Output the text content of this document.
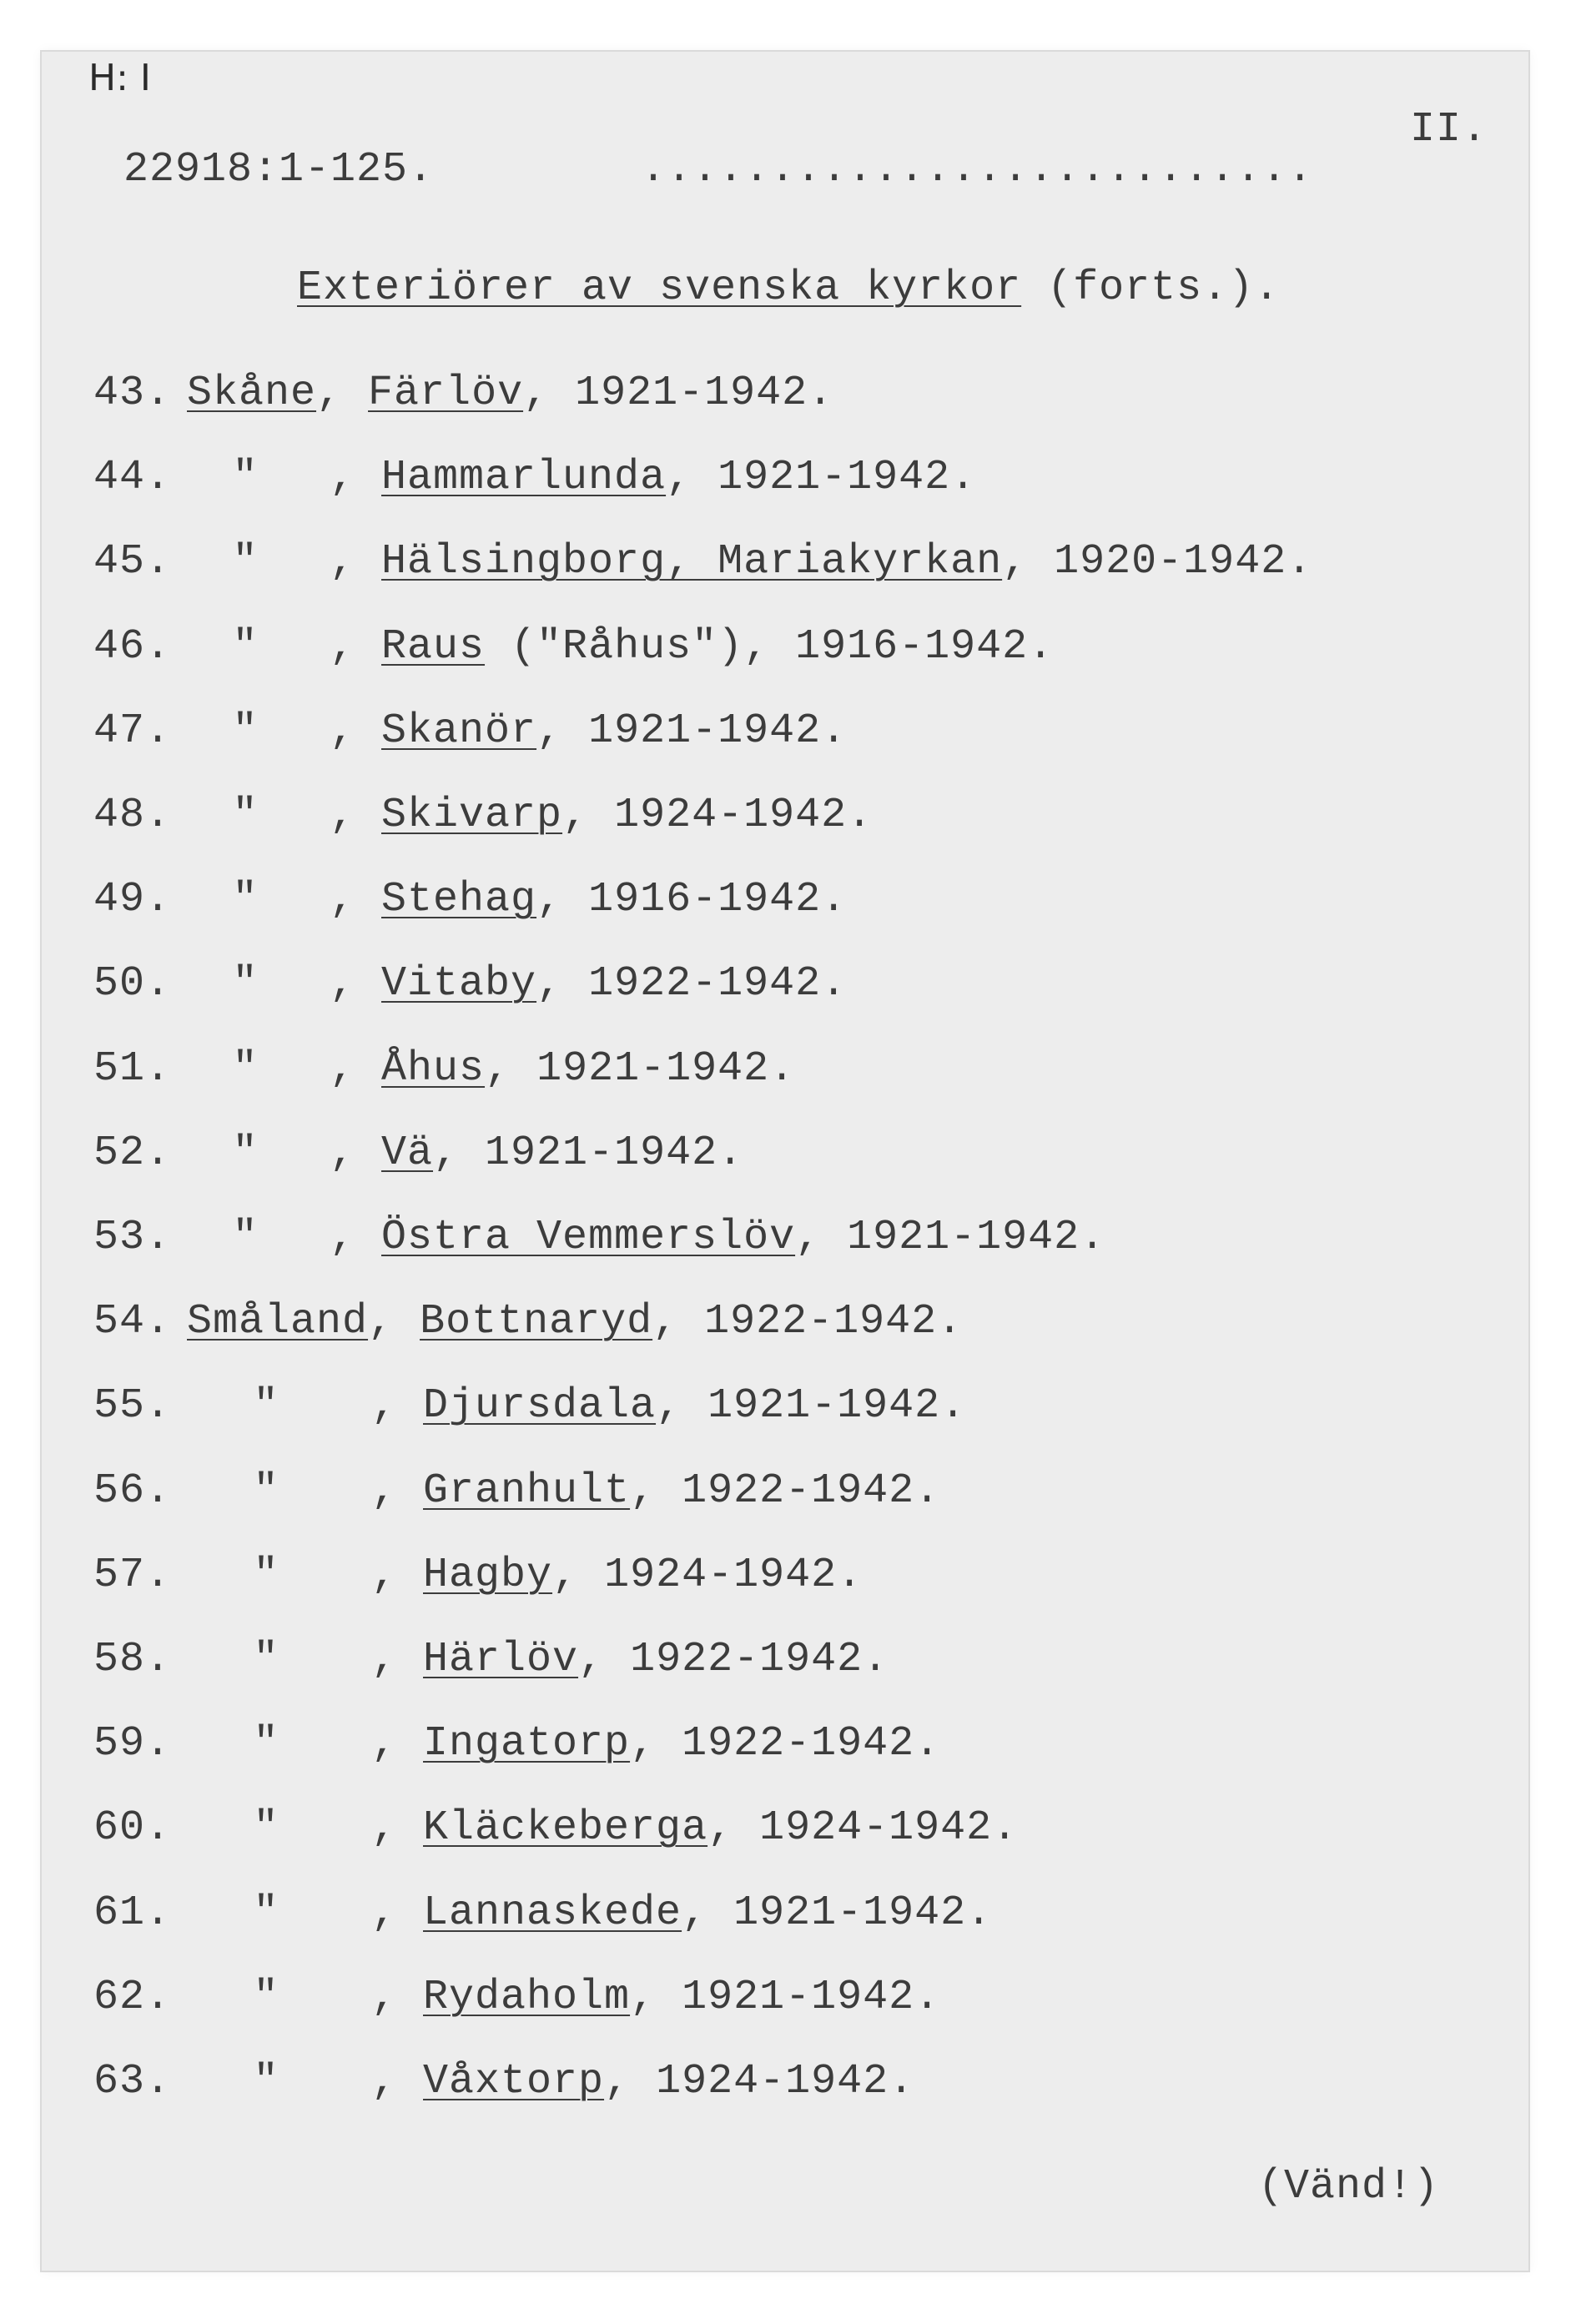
H: I
22918:1-125.	..........................
II.
Exteriörer av svenska kyrkor (forts.).
43. Skåne, Färlöv, 1921-1942.
44. " , Hammarlunda, 1921-1942.
45. " , Hälsingborg, Mariakyrkan, 1920-1942.
46. " , Raus ("Råhus"), 1916-1942.
47. " , Skanör, 1921-1942.
48. " , Skivarp, 1924-1942.
49. " , Stehag, 1916-1942.
50. " , Vitaby, 1922-1942.
51. " , Åhus, 1921-1942.
52. " , Vä, 1921-1942.
53. " , Östra Vemmerslöv, 1921-1942.
54. Småland, Bottnaryd, 1922-1942.
55. " , Djursdala, 1921-1942.
56. " , Granhult, 1922-1942.
57. " , Hagby, 1924-1942.
58. " , Härlöv, 1922-1942.
59. " , Ingatorp, 1922-1942.
60. " , Kläckeberga, 1924-1942.
61. " , Lannaskede, 1921-1942.
62. " , Rydaholm, 1921-1942.
63. " , Våxtorp, 1924-1942.
(Vänd!)
